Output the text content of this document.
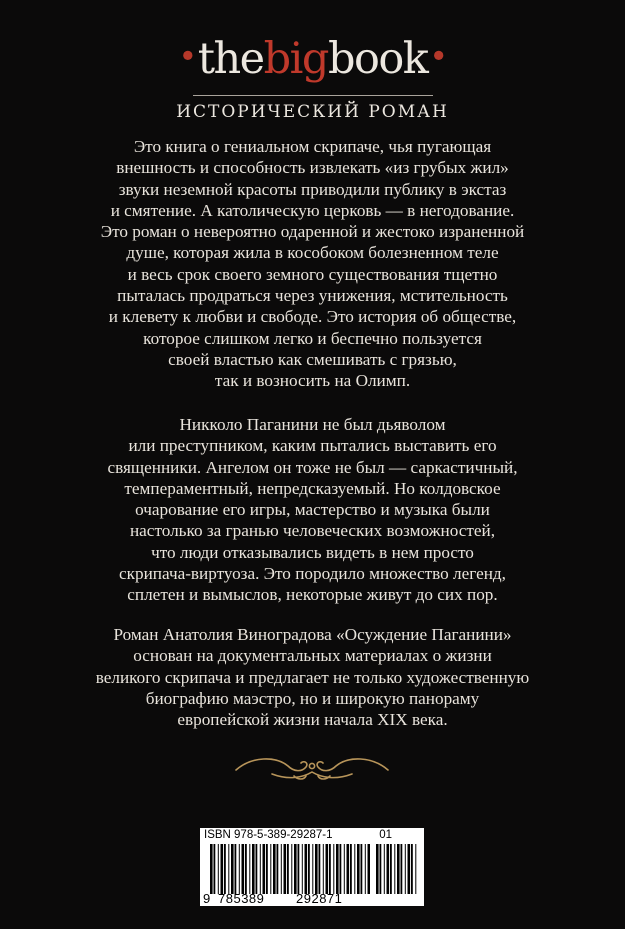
•thebigbook•
ИСТОРИЧЕСКИЙ РОМАН
Это книга о гениальном скрипаче, чья пугающая
внешность и способность извлекать «из грубых жил»
звуки неземной красоты приводили публику в экстаз
и смятение. А католическую церковь — в негодование.
Это роман о невероятно одаренной и жестоко израненной
душе, которая жила в кособоком болезненном теле
и весь срок своего земного существования тщетно
пыталась продраться через унижения, мстительность
и клевету к любви и свободе. Это история об обществе,
которое слишком легко и беспечно пользуется
своей властью как смешивать с грязью,
так и возносить на Олимп.
Никколо Паганини не был дьяволом
или преступником, каким пытались выставить его
священники. Ангелом он тоже не был — саркастичный,
темпераментный, непредсказуемый. Но колдовское
очарование его игры, мастерство и музыка были
настолько за гранью человеческих возможностей,
что люди отказывались видеть в нем просто
скрипача-виртуоза. Это породило множество легенд,
сплетен и вымыслов, некоторые живут до сих пор.
Роман Анатолия Виноградова «Осуждение Паганини»
основан на документальных материалах о жизни
великого скрипача и предлагает не только художественную
биографию маэстро, но и широкую панораму
европейской жизни начала XIX века.
ISBN 978-5-389-29287-1	01
9 785389 292871
